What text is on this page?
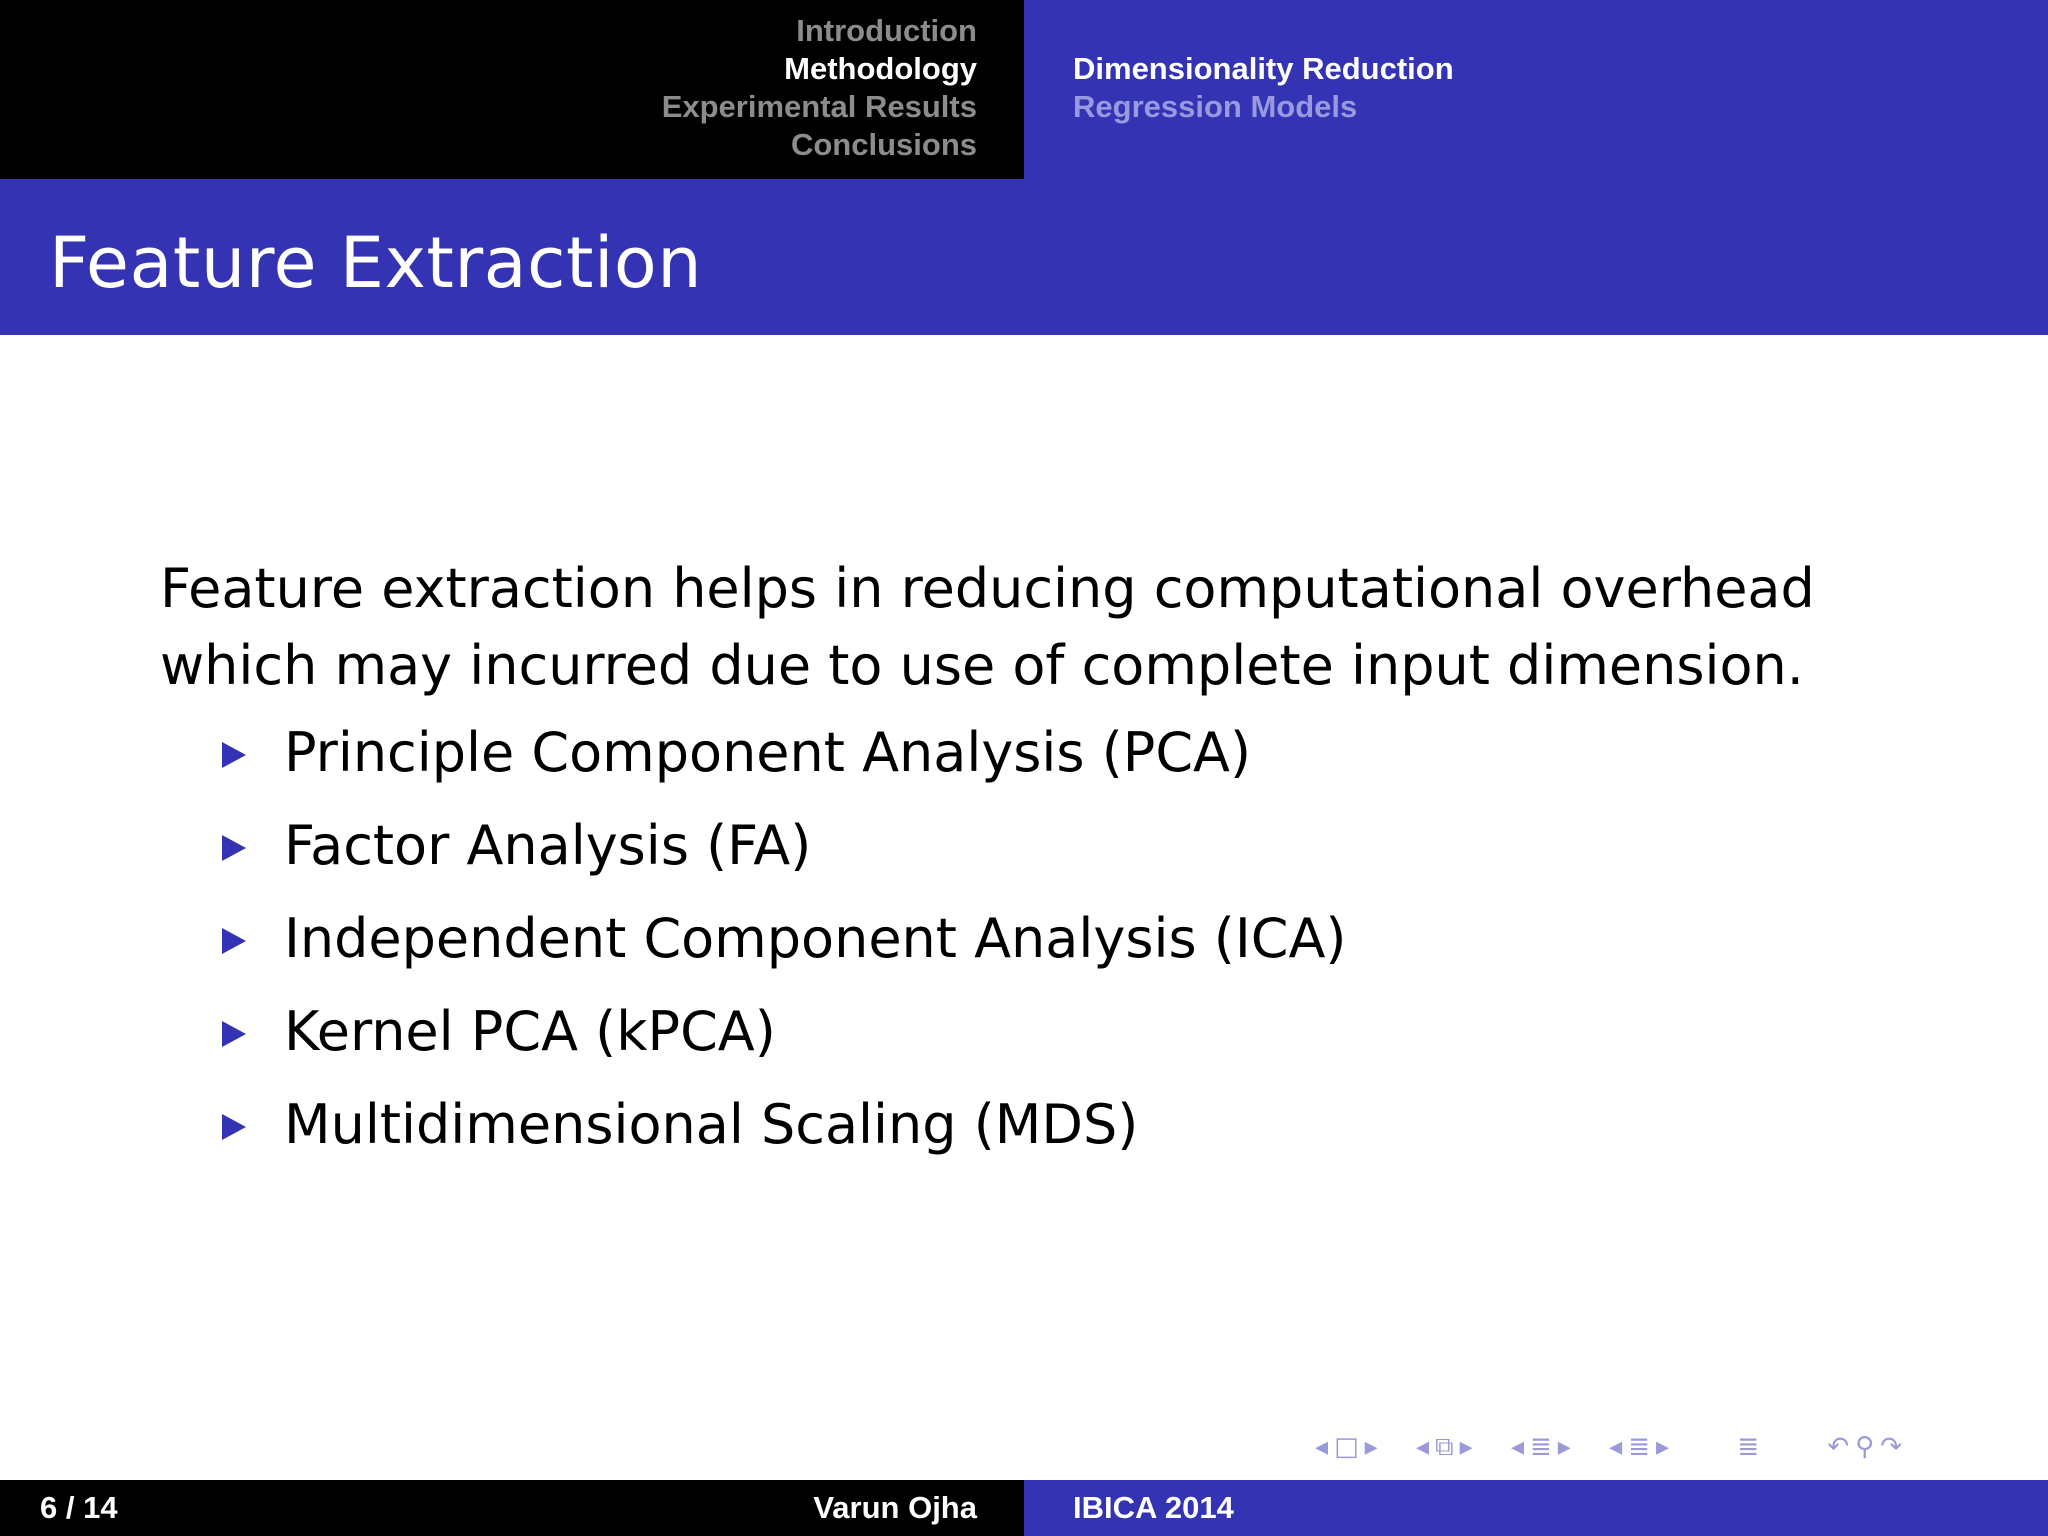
Introduction
Methodology
Experimental Results
Conclusions
Dimensionality Reduction
Regression Models
Feature Extraction

Feature extraction helps in reducing computational overhead which may incurred due to use of complete input dimension.

Principle Component Analysis (PCA)
Factor Analysis (FA)
Independent Component Analysis (ICA)
Kernel PCA (kPCA)
Multidimensional Scaling (MDS)
◂ □ ▸ ◂ ⧉ ▸ ◂ ≣ ▸ ◂ ≣ ▸	≣	↶ ⚲ ↷
6 / 14	Varun Ojha	IBICA 2014
